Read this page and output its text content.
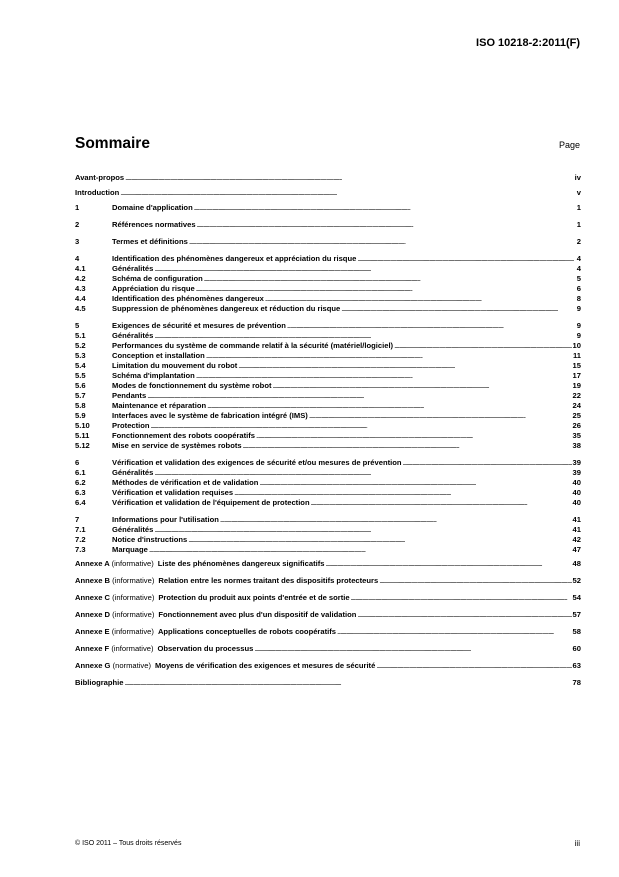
ISO 10218-2:2011(F)
Sommaire	Page
Avant-propos . . .	iv
Introduction . . .	v
1	Domaine d'application . . .	1
2	Références normatives . . .	1
3	Termes et définitions . . .	2
4	Identification des phénomènes dangereux et appréciation du risque . . .	4
4.1	Généralités . . .	4
4.2	Schéma de configuration . . .	5
4.3	Appréciation du risque . . .	6
4.4	Identification des phénomènes dangereux . . .	8
4.5	Suppression de phénomènes dangereux et réduction du risque . . .	9
5	Exigences de sécurité et mesures de prévention . . .	9
5.1	Généralités . . .	9
5.2	Performances du système de commande relatif à la sécurité (matériel/logiciel) . . .	10
5.3	Conception et installation . . .	11
5.4	Limitation du mouvement du robot . . .	15
5.5	Schéma d'implantation . . .	17
5.6	Modes de fonctionnement du système robot . . .	19
5.7	Pendants . . .	22
5.8	Maintenance et réparation . . .	24
5.9	Interfaces avec le système de fabrication intégré (IMS) . . .	25
5.10	Protection . . .	26
5.11	Fonctionnement des robots coopératifs . . .	35
5.12	Mise en service de systèmes robots . . .	38
6	Vérification et validation des exigences de sécurité et/ou mesures de prévention . . .	39
6.1	Généralités . . .	39
6.2	Méthodes de vérification et de validation . . .	40
6.3	Vérification et validation requises . . .	40
6.4	Vérification et validation de l'équipement de protection . . .	40
7	Informations pour l'utilisation . . .	41
7.1	Généralités . . .	41
7.2	Notice d'instructions . . .	42
7.3	Marquage . . .	47
Annexe A (informative) Liste des phénomènes dangereux significatifs . . .	48
Annexe B (informative) Relation entre les normes traitant des dispositifs protecteurs . . .	52
Annexe C (informative) Protection du produit aux points d'entrée et de sortie . . .	54
Annexe D (informative) Fonctionnement avec plus d'un dispositif de validation . . .	57
Annexe E (informative) Applications conceptuelles de robots coopératifs . . .	58
Annexe F (informative) Observation du processus . . .	60
Annexe G (normative) Moyens de vérification des exigences et mesures de sécurité . . .	63
Bibliographie . . .	78
© ISO 2011 – Tous droits réservés	iii
